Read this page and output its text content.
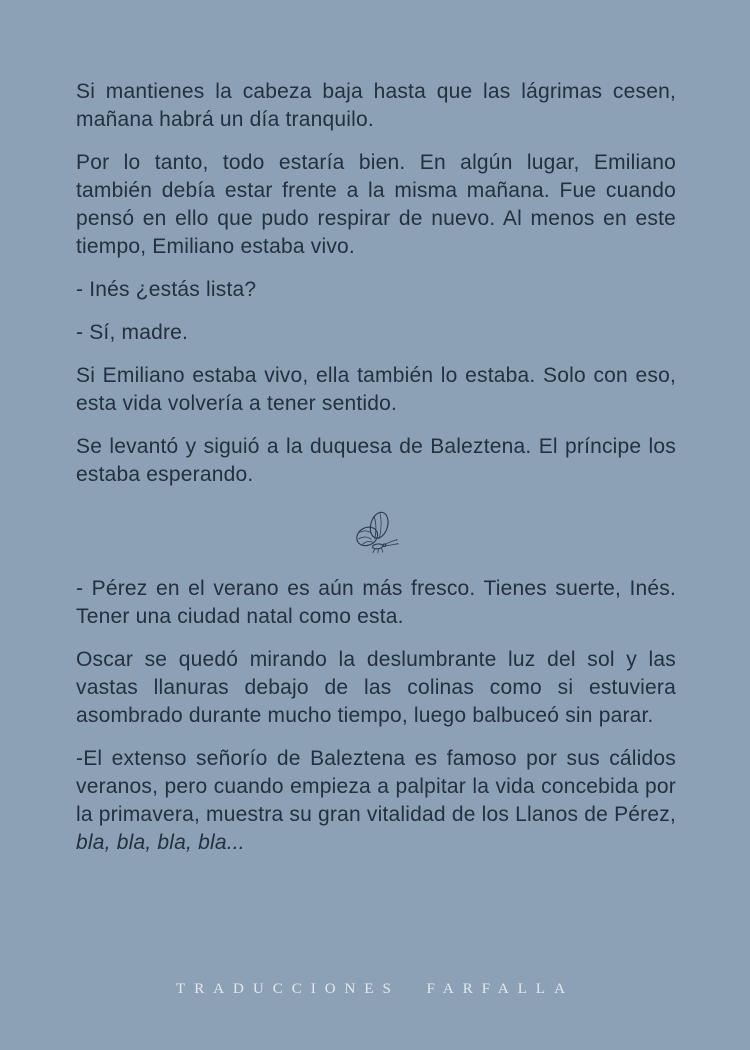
Si mantienes la cabeza baja hasta que las lágrimas cesen, mañana habrá un día tranquilo.

Por lo tanto, todo estaría bien. En algún lugar, Emiliano también debía estar frente a la misma mañana. Fue cuando pensó en ello que pudo respirar de nuevo. Al menos en este tiempo, Emiliano estaba vivo.

- Inés ¿estás lista?

- Sí, madre.

Si Emiliano estaba vivo, ella también lo estaba. Solo con eso, esta vida volvería a tener sentido.

Se levantó y siguió a la duquesa de Baleztena. El príncipe los estaba esperando.

- Pérez en el verano es aún más fresco. Tienes suerte, Inés. Tener una ciudad natal como esta.

Oscar se quedó mirando la deslumbrante luz del sol y las vastas llanuras debajo de las colinas como si estuviera asombrado durante mucho tiempo, luego balbuceó sin parar.

-El extenso señorío de Baleztena es famoso por sus cálidos veranos, pero cuando empieza a palpitar la vida concebida por la primavera, muestra su gran vitalidad de los Llanos de Pérez, bla, bla, bla, bla...

TRADUCCIONES FARFALLA
